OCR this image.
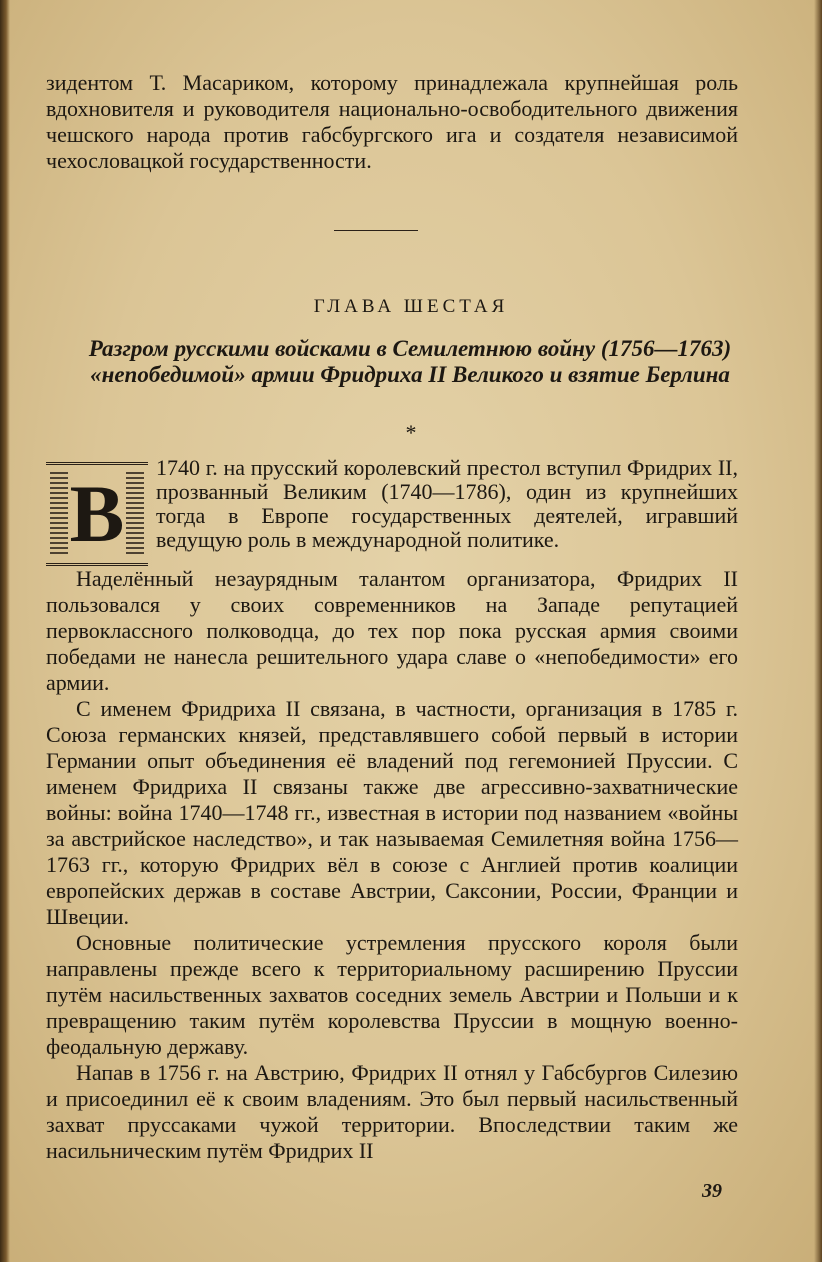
зидентом Т. Масариком, которому принадлежала крупнейшая роль вдохновителя и руководителя национально-освободительного движения чешского народа против габсбургского ига и создателя независимой чехословацкой государственности.

ГЛАВА ШЕСТАЯ
Разгром русскими войсками в Семилетнюю войну (1756—1763) «непобедимой» армии Фридриха II Великого и взятие Берлина
*
В

1740 г. на прусский королевский престол вступил Фридрих II, прозванный Великим (1740—1786), один из крупнейших тогда в Европе государственных деятелей, игравший ведущую роль в международной политике.

Наделённый незаурядным талантом организатора, Фридрих II пользовался у своих современников на Западе репутацией первоклассного полководца, до тех пор пока русская армия своими победами не нанесла решительного удара славе о «непобедимости» его армии.

С именем Фридриха II связана, в частности, организация в 1785 г. Союза германских князей, представлявшего собой первый в истории Германии опыт объединения её владений под гегемонией Пруссии. С именем Фридриха II связаны также две агрессивно-захватнические войны: война 1740—1748 гг., известная в истории под названием «войны за австрийское наследство», и так называемая Семилетняя война 1756—1763 гг., которую Фридрих вёл в союзе с Англией против коалиции европейских держав в составе Австрии, Саксонии, России, Франции и Швеции.

Основные политические устремления прусского короля были направлены прежде всего к территориальному расширению Пруссии путём насильственных захватов соседних земель Австрии и Польши и к превращению таким путём королевства Пруссии в мощную военно-феодальную державу.

Напав в 1756 г. на Австрию, Фридрих II отнял у Габсбургов Силезию и присоединил её к своим владениям. Это был первый насильственный захват пруссаками чужой территории. Впоследствии таким же насильническим путём Фридрих II

39
